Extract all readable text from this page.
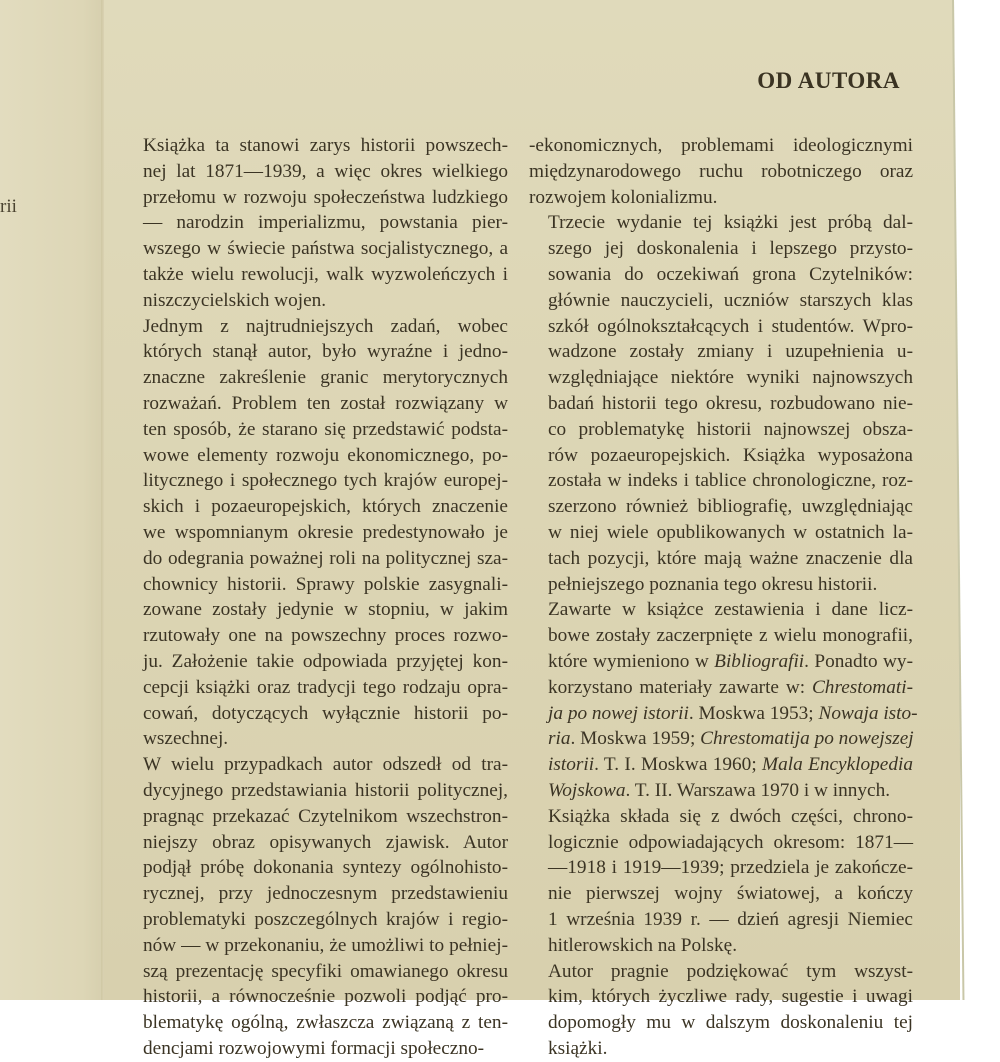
rii
OD AUTORA

Książka ta stanowi zarys historii powszech-
nej lat 1871—1939, a więc okres wielkiego
przełomu w rozwoju społeczeństwa ludzkiego
— narodzin imperializmu, powstania pier-
wszego w świecie państwa socjalistycznego, a
także wielu rewolucji, walk wyzwoleńczych i
niszczycielskich wojen.

Jednym z najtrudniejszych zadań, wobec
których stanął autor, było wyraźne i jedno-
znaczne zakreślenie granic merytorycznych
rozważań. Problem ten został rozwiązany w
ten sposób, że starano się przedstawić podsta-
wowe elementy rozwoju ekonomicznego, po-
litycznego i społecznego tych krajów europej-
skich i pozaeuropejskich, których znaczenie
we wspomnianym okresie predestynowało je
do odegrania poważnej roli na politycznej sza-
chownicy historii. Sprawy polskie zasygnali-
zowane zostały jedynie w stopniu, w jakim
rzutowały one na powszechny proces rozwo-
ju. Założenie takie odpowiada przyjętej kon-
cepcji książki oraz tradycji tego rodzaju opra-
cowań, dotyczących wyłącznie historii po-
wszechnej.

W wielu przypadkach autor odszedł od tra-
dycyjnego przedstawiania historii politycznej,
pragnąc przekazać Czytelnikom wszechstron-
niejszy obraz opisywanych zjawisk. Autor
podjął próbę dokonania syntezy ogólnohisto-
rycznej, przy jednoczesnym przedstawieniu
problematyki poszczególnych krajów i regio-
nów — w przekonaniu, że umożliwi to pełniej-
szą prezentację specyfiki omawianego okresu
historii, a równocześnie pozwoli podjąć pro-
blematykę ogólną, zwłaszcza związaną z ten-
dencjami rozwojowymi formacji społeczno-

-ekonomicznych, problemami ideologicznymi
międzynarodowego ruchu robotniczego oraz
rozwojem kolonializmu.

Trzecie wydanie tej książki jest próbą dal-
szego jej doskonalenia i lepszego przysto-
sowania do oczekiwań grona Czytelników:
głównie nauczycieli, uczniów starszych klas
szkół ogólnokształcących i studentów. Wpro-
wadzone zostały zmiany i uzupełnienia u-
względniające niektóre wyniki najnowszych
badań historii tego okresu, rozbudowano nie-
co problematykę historii najnowszej obsza-
rów pozaeuropejskich. Książka wyposażona
została w indeks i tablice chronologiczne, roz-
szerzono również bibliografię, uwzględniając
w niej wiele opublikowanych w ostatnich la-
tach pozycji, które mają ważne znaczenie dla
pełniejszego poznania tego okresu historii.

Zawarte w książce zestawienia i dane licz-
bowe zostały zaczerpnięte z wielu monografii,
które wymieniono w Bibliografii. Ponadto wy-
korzystano materiały zawarte w: Chrestomati-
ja po nowej istorii. Moskwa 1953; Nowaja isto-
ria. Moskwa 1959; Chrestomatija po nowejszej
istorii. T. I. Moskwa 1960; Mala Encyklopedia
Wojskowa. T. II. Warszawa 1970 i w innych.

Książka składa się z dwóch części, chrono-
logicznie odpowiadających okresom: 1871—
—1918 i 1919—1939; przedziela je zakończe-
nie pierwszej wojny światowej, a kończy
1 września 1939 r. — dzień agresji Niemiec
hitlerowskich na Polskę.

Autor pragnie podziękować tym wszyst-
kim, których życzliwe rady, sugestie i uwagi
dopomogły mu w dalszym doskonaleniu tej
książki.
